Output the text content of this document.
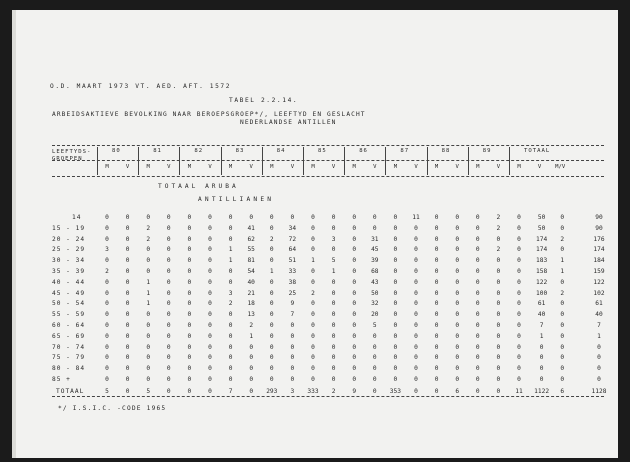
O.D. MAART 1973 VT. AED. AFT. 1572
TABEL 2.2.14.
ARBEIDSAKTIEVE BEVOLKING NAAR BEROEPSGROEP*/, LEEFTYD EN GESLACHT
NEDERLANDSE ANTILLEN
LEEFTYDS-
GROEPEN
80	81	82	83	84	85	86	87	88	89	TOTAAL
M	V	M	V	M	V	M	V	M	V	M	V	M	V	M	V	M	V	M	V	M	V	M/V
TOTAAL ARUBA
ANTILLIANEN
14	0	0	0	0	0	0	0	0	0	0	0	0	0	0	0	11	0	0	0	2	0	50	0	90
15 - 19	0	0	2	0	0	0	0	41	0	34	0	0	0	0	0	0	0	0	0	2	0	50	0	90
20 - 24	0	0	2	0	0	0	0	62	2	72	0	3	0	31	0	0	0	0	0	0	0	174	2	176
25 - 29	3	0	0	0	0	0	1	55	0	64	0	0	0	45	0	0	0	0	0	2	0	174	0	174
30 - 34	0	0	0	0	0	0	1	81	0	51	1	5	0	39	0	0	0	0	0	0	0	183	1	184
35 - 39	2	0	0	0	0	0	0	54	1	33	0	1	0	68	0	0	0	0	0	0	0	158	1	159
40 - 44	0	0	1	0	0	0	0	40	0	38	0	0	0	43	0	0	0	0	0	0	0	122	0	122
45 - 49	0	0	1	0	0	0	3	21	0	25	2	0	0	50	0	0	0	0	0	0	0	100	2	102
50 - 54	0	0	1	0	0	0	2	18	0	9	0	0	0	32	0	0	0	0	0	0	0	61	0	61
55 - 59	0	0	0	0	0	0	0	13	0	7	0	0	0	20	0	0	0	0	0	0	0	40	0	40
60 - 64	0	0	0	0	0	0	0	2	0	0	0	0	0	5	0	0	0	0	0	0	0	7	0	7
65 - 69	0	0	0	0	0	0	0	1	0	0	0	0	0	0	0	0	0	0	0	0	0	1	0	1
70 - 74	0	0	0	0	0	0	0	0	0	0	0	0	0	0	0	0	0	0	0	0	0	0	0	0
75 - 79	0	0	0	0	0	0	0	0	0	0	0	0	0	0	0	0	0	0	0	0	0	0	0	0
80 - 84	0	0	0	0	0	0	0	0	0	0	0	0	0	0	0	0	0	0	0	0	0	0	0	0
85 +	0	0	0	0	0	0	0	0	0	0	0	0	0	0	0	0	0	0	0	0	0	0	0	0
TOTAAL	5	0	5	0	0	0	7	0	293	3	333	2	9	0	353	0	0	6	0	0	11	1122	6	1128
*/ I.S.I.C. -CODE 1965
